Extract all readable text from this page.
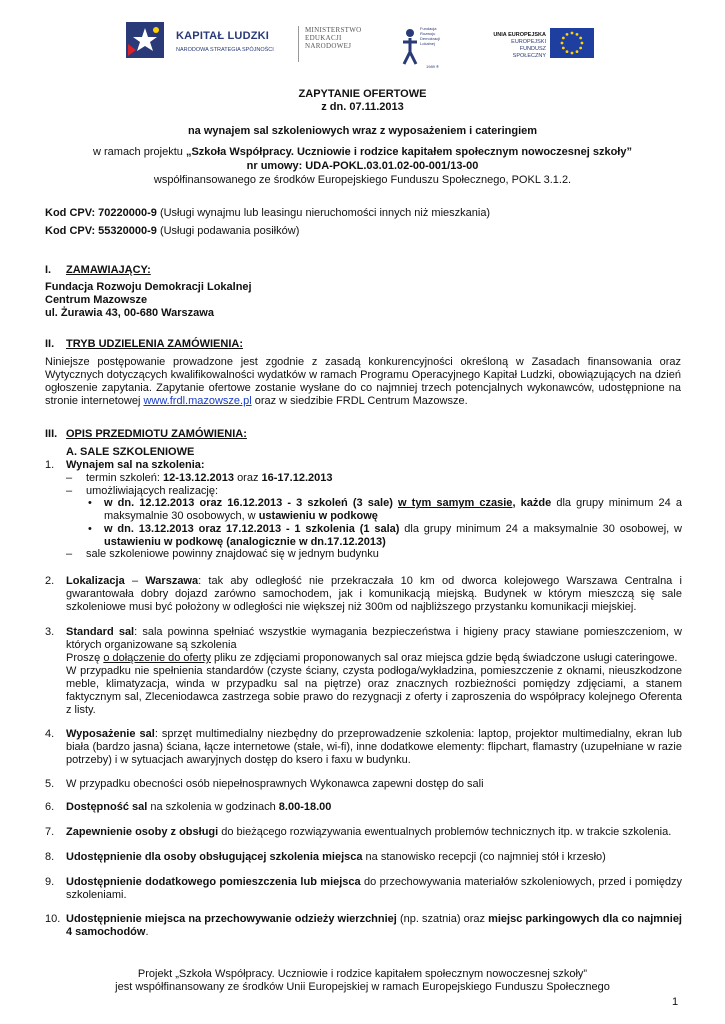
KAPITAŁ LUDZKI
NARODOWA STRATEGIA SPÓJNOŚCI
MINISTERSTWO
EDUKACJI
NARODOWEJ
Fundacja Rozwoju Demokracji Lokalnej
1989 ®
UNIA EUROPEJSKA
EUROPEJSKI
FUNDUSZ SPOŁECZNY
ZAPYTANIE OFERTOWE
z dn. 07.11.2013
na wynajem sal szkoleniowych wraz z wyposażeniem i cateringiem
w ramach projektu „Szkoła Współpracy. Uczniowie i rodzice kapitałem społecznym nowoczesnej szkoły”
nr umowy: UDA-POKL.03.01.02-00-001/13-00
współfinansowanego ze środków Europejskiego Funduszu Społecznego, POKL 3.1.2.
Kod CPV: 70220000-9 (Usługi wynajmu lub leasingu nieruchomości innych niż mieszkania)
Kod CPV: 55320000-9 (Usługi podawania posiłków)
I. ZAMAWIAJĄCY:
Fundacja Rozwoju Demokracji Lokalnej
Centrum Mazowsze
ul. Żurawia 43, 00-680 Warszawa
II. TRYB UDZIELENIA ZAMÓWIENIA:
Niniejsze postępowanie prowadzone jest zgodnie z zasadą konkurencyjności określoną w Zasadach finansowania oraz Wytycznych dotyczących kwalifikowalności wydatków w ramach Programu Operacyjnego Kapitał Ludzki, obowiązujących na dzień ogłoszenie zapytania. Zapytanie ofertowe zostanie wysłane do co najmniej trzech potencjalnych wykonawców, udostępnione na stronie internetowej www.frdl.mazowsze.pl oraz w siedzibie FRDL Centrum Mazowsze.
III. OPIS PRZEDMIOTU ZAMÓWIENIA:
A. SALE SZKOLENIOWE
1.	Wynajem sal na szkolenia:
–	termin szkoleń: 12-13.12.2013 oraz 16-17.12.2013
–	umożliwiających realizację:
•	w dn. 12.12.2013 oraz 16.12.2013 - 3 szkoleń (3 sale) w tym samym czasie, każde dla grupy minimum 24 a maksymalnie 30 osobowych, w ustawieniu w podkowę
•	w dn. 13.12.2013 oraz 17.12.2013 - 1 szkolenia (1 sala) dla grupy minimum 24 a maksymalnie 30 osobowej, w ustawieniu w podkowę (analogicznie w dn.17.12.2013)
–	sale szkoleniowe powinny znajdować się w jednym budynku
2.	Lokalizacja – Warszawa: tak aby odległość nie przekraczała 10 km od dworca kolejowego Warszawa Centralna i gwarantowała dobry dojazd zarówno samochodem, jak i komunikacją miejską. Budynek w którym mieszczą się sale szkoleniowe musi być położony w odległości nie większej niż 300m od najbliższego przystanku komunikacji miejskiej.
3.	Standard sal: sala powinna spełniać wszystkie wymagania bezpieczeństwa i higieny pracy stawiane pomieszczeniom, w których organizowane są szkolenia
Proszę o dołączenie do oferty pliku ze zdjęciami proponowanych sal oraz miejsca gdzie będą świadczone usługi cateringowe.
W przypadku nie spełnienia standardów (czyste ściany, czysta podłoga/wykładzina, pomieszczenie z oknami, nieuszkodzone meble, klimatyzacja, winda w przypadku sal na piętrze) oraz znacznych rozbieżności pomiędzy zdjęciami, a stanem faktycznym sal, Zleceniodawca zastrzega sobie prawo do rezygnacji z oferty i zaproszenia do współpracy kolejnego Oferenta z listy.
4.	Wyposażenie sal: sprzęt multimedialny niezbędny do przeprowadzenie szkolenia: laptop, projektor multimedialny, ekran lub biała (bardzo jasna) ściana, łącze internetowe (stałe, wi-fi), inne dodatkowe elementy: flipchart, flamastry (uzupełniane w razie potrzeby) i w sytuacjach awaryjnych dostęp do ksero i faxu w budynku.
5.	W przypadku obecności osób niepełnosprawnych Wykonawca zapewni dostęp do sali
6.	Dostępność sal na szkolenia w godzinach 8.00-18.00
7.	Zapewnienie osoby z obsługi do bieżącego rozwiązywania ewentualnych problemów technicznych itp. w trakcie szkolenia.
8.	Udostępnienie dla osoby obsługującej szkolenia miejsca na stanowisko recepcji (co najmniej stół i krzesło)
9.	Udostępnienie dodatkowego pomieszczenia lub miejsca do przechowywania materiałów szkoleniowych, przed i pomiędzy szkoleniami.
10. Udostępnienie miejsca na przechowywanie odzieży wierzchniej (np. szatnia) oraz miejsc parkingowych dla co najmniej 4 samochodów.
Projekt „Szkoła Współpracy. Uczniowie i rodzice kapitałem społecznym nowoczesnej szkoły”
jest współfinansowany ze środków Unii Europejskiej w ramach Europejskiego Funduszu Społecznego
1
